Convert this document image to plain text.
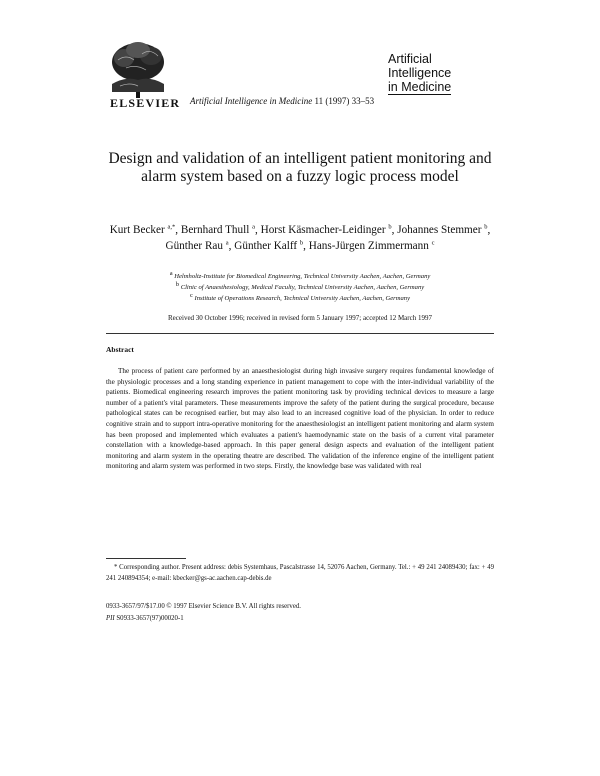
ELSEVIER Artificial Intelligence in Medicine 11 (1997) 33–53
Artificial
Intelligence
in Medicine
Design and validation of an intelligent patient monitoring and alarm system based on a fuzzy logic process model
Kurt Becker $^{a,*}$, Bernhard Thull $^a$, Horst Käsmacher-Leidinger $^b$, Johannes Stemmer $^b$, Günther Rau $^a$, Günther Kalff $^b$, Hans-Jürgen Zimmermann $^c$
$^a$ Helmholtz-Institute for Biomedical Engineering, Technical University Aachen, Aachen, Germany
$^b$ Clinic of Anaesthesiology, Medical Faculty, Technical University Aachen, Aachen, Germany
$^c$ Institute of Operations Research, Technical University Aachen, Aachen, Germany
Received 30 October 1996; received in revised form 5 January 1997; accepted 12 March 1997
Abstract
The process of patient care performed by an anaesthesiologist during high invasive surgery requires fundamental knowledge of the physiologic processes and a long standing experience in patient management to cope with the inter-individual variability of the patients. Biomedical engineering research improves the patient monitoring task by providing technical devices to measure a large number of a patient's vital parameters. These measurements improve the safety of the patient during the surgical procedure, because pathological states can be recognised earlier, but may also lead to an increased cognitive load of the physician. In order to reduce cognitive strain and to support intra-operative monitoring for the anaesthesiologist an intelligent patient monitoring and alarm system has been proposed and implemented which evaluates a patient's haemodynamic state on the basis of a current vital parameter constellation with a knowledge-based approach. In this paper general design aspects and evaluation of the intelligent patient monitoring and alarm system in the operating theatre are described. The validation of the inference engine of the intelligent patient monitoring and alarm system was performed in two steps. Firstly, the knowledge base was validated with real
* Corresponding author. Present address: debis Systemhaus, Pascalstrasse 14, 52076 Aachen, Germany. Tel.: + 49 241 24089430; fax: + 49 241 240894354; e-mail: kbecker@gs-ac.aachen.cap-debis.de
0933-3657/97/$17.00 © 1997 Elsevier Science B.V. All rights reserved.
PII S0933-3657(97)00020-1
